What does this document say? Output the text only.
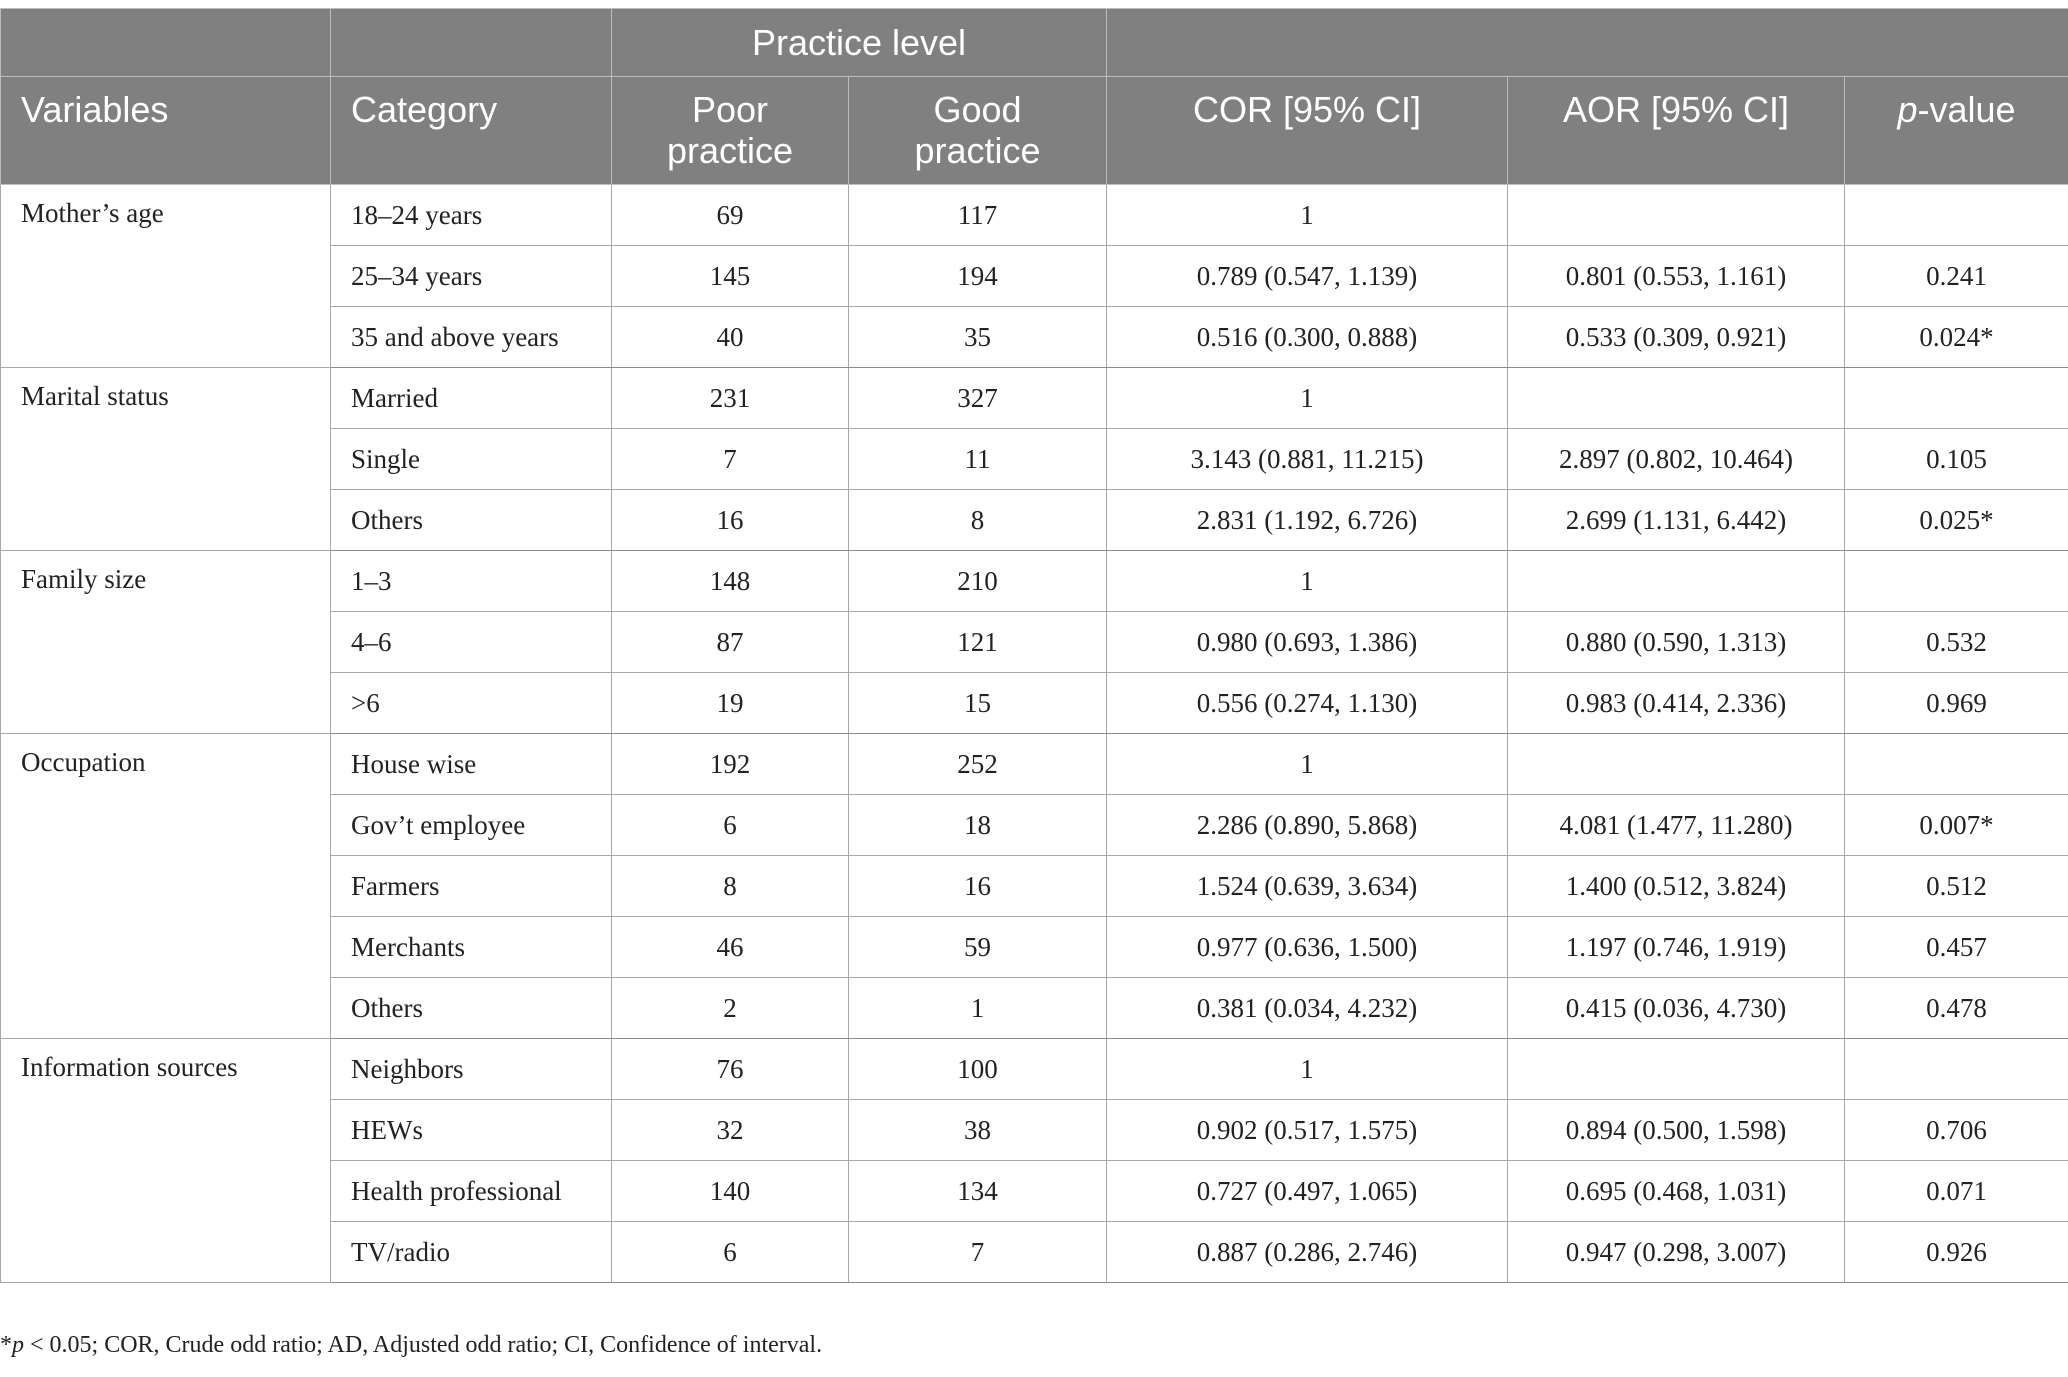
		Practice level				
Variables	Category	Poor practice	Good practice	COR [95% CI]	AOR [95% CI]	p-value
Mother’s age	18–24 years	69	117	1		
	25–34 years	145	194	0.789 (0.547, 1.139)	0.801 (0.553, 1.161)	0.241
	35 and above years	40	35	0.516 (0.300, 0.888)	0.533 (0.309, 0.921)	0.024*
Marital status	Married	231	327	1		
	Single	7	11	3.143 (0.881, 11.215)	2.897 (0.802, 10.464)	0.105
	Others	16	8	2.831 (1.192, 6.726)	2.699 (1.131, 6.442)	0.025*
Family size	1–3	148	210	1		
	4–6	87	121	0.980 (0.693, 1.386)	0.880 (0.590, 1.313)	0.532
	>6	19	15	0.556 (0.274, 1.130)	0.983 (0.414, 2.336)	0.969
Occupation	House wise	192	252	1		
	Gov’t employee	6	18	2.286 (0.890, 5.868)	4.081 (1.477, 11.280)	0.007*
	Farmers	8	16	1.524 (0.639, 3.634)	1.400 (0.512, 3.824)	0.512
	Merchants	46	59	0.977 (0.636, 1.500)	1.197 (0.746, 1.919)	0.457
	Others	2	1	0.381 (0.034, 4.232)	0.415 (0.036, 4.730)	0.478
Information sources	Neighbors	76	100	1		
	HEWs	32	38	0.902 (0.517, 1.575)	0.894 (0.500, 1.598)	0.706
	Health professional	140	134	0.727 (0.497, 1.065)	0.695 (0.468, 1.031)	0.071
	TV/radio	6	7	0.887 (0.286, 2.746)	0.947 (0.298, 3.007)	0.926
*p < 0.05; COR, Crude odd ratio; AD, Adjusted odd ratio; CI, Confidence of interval.
